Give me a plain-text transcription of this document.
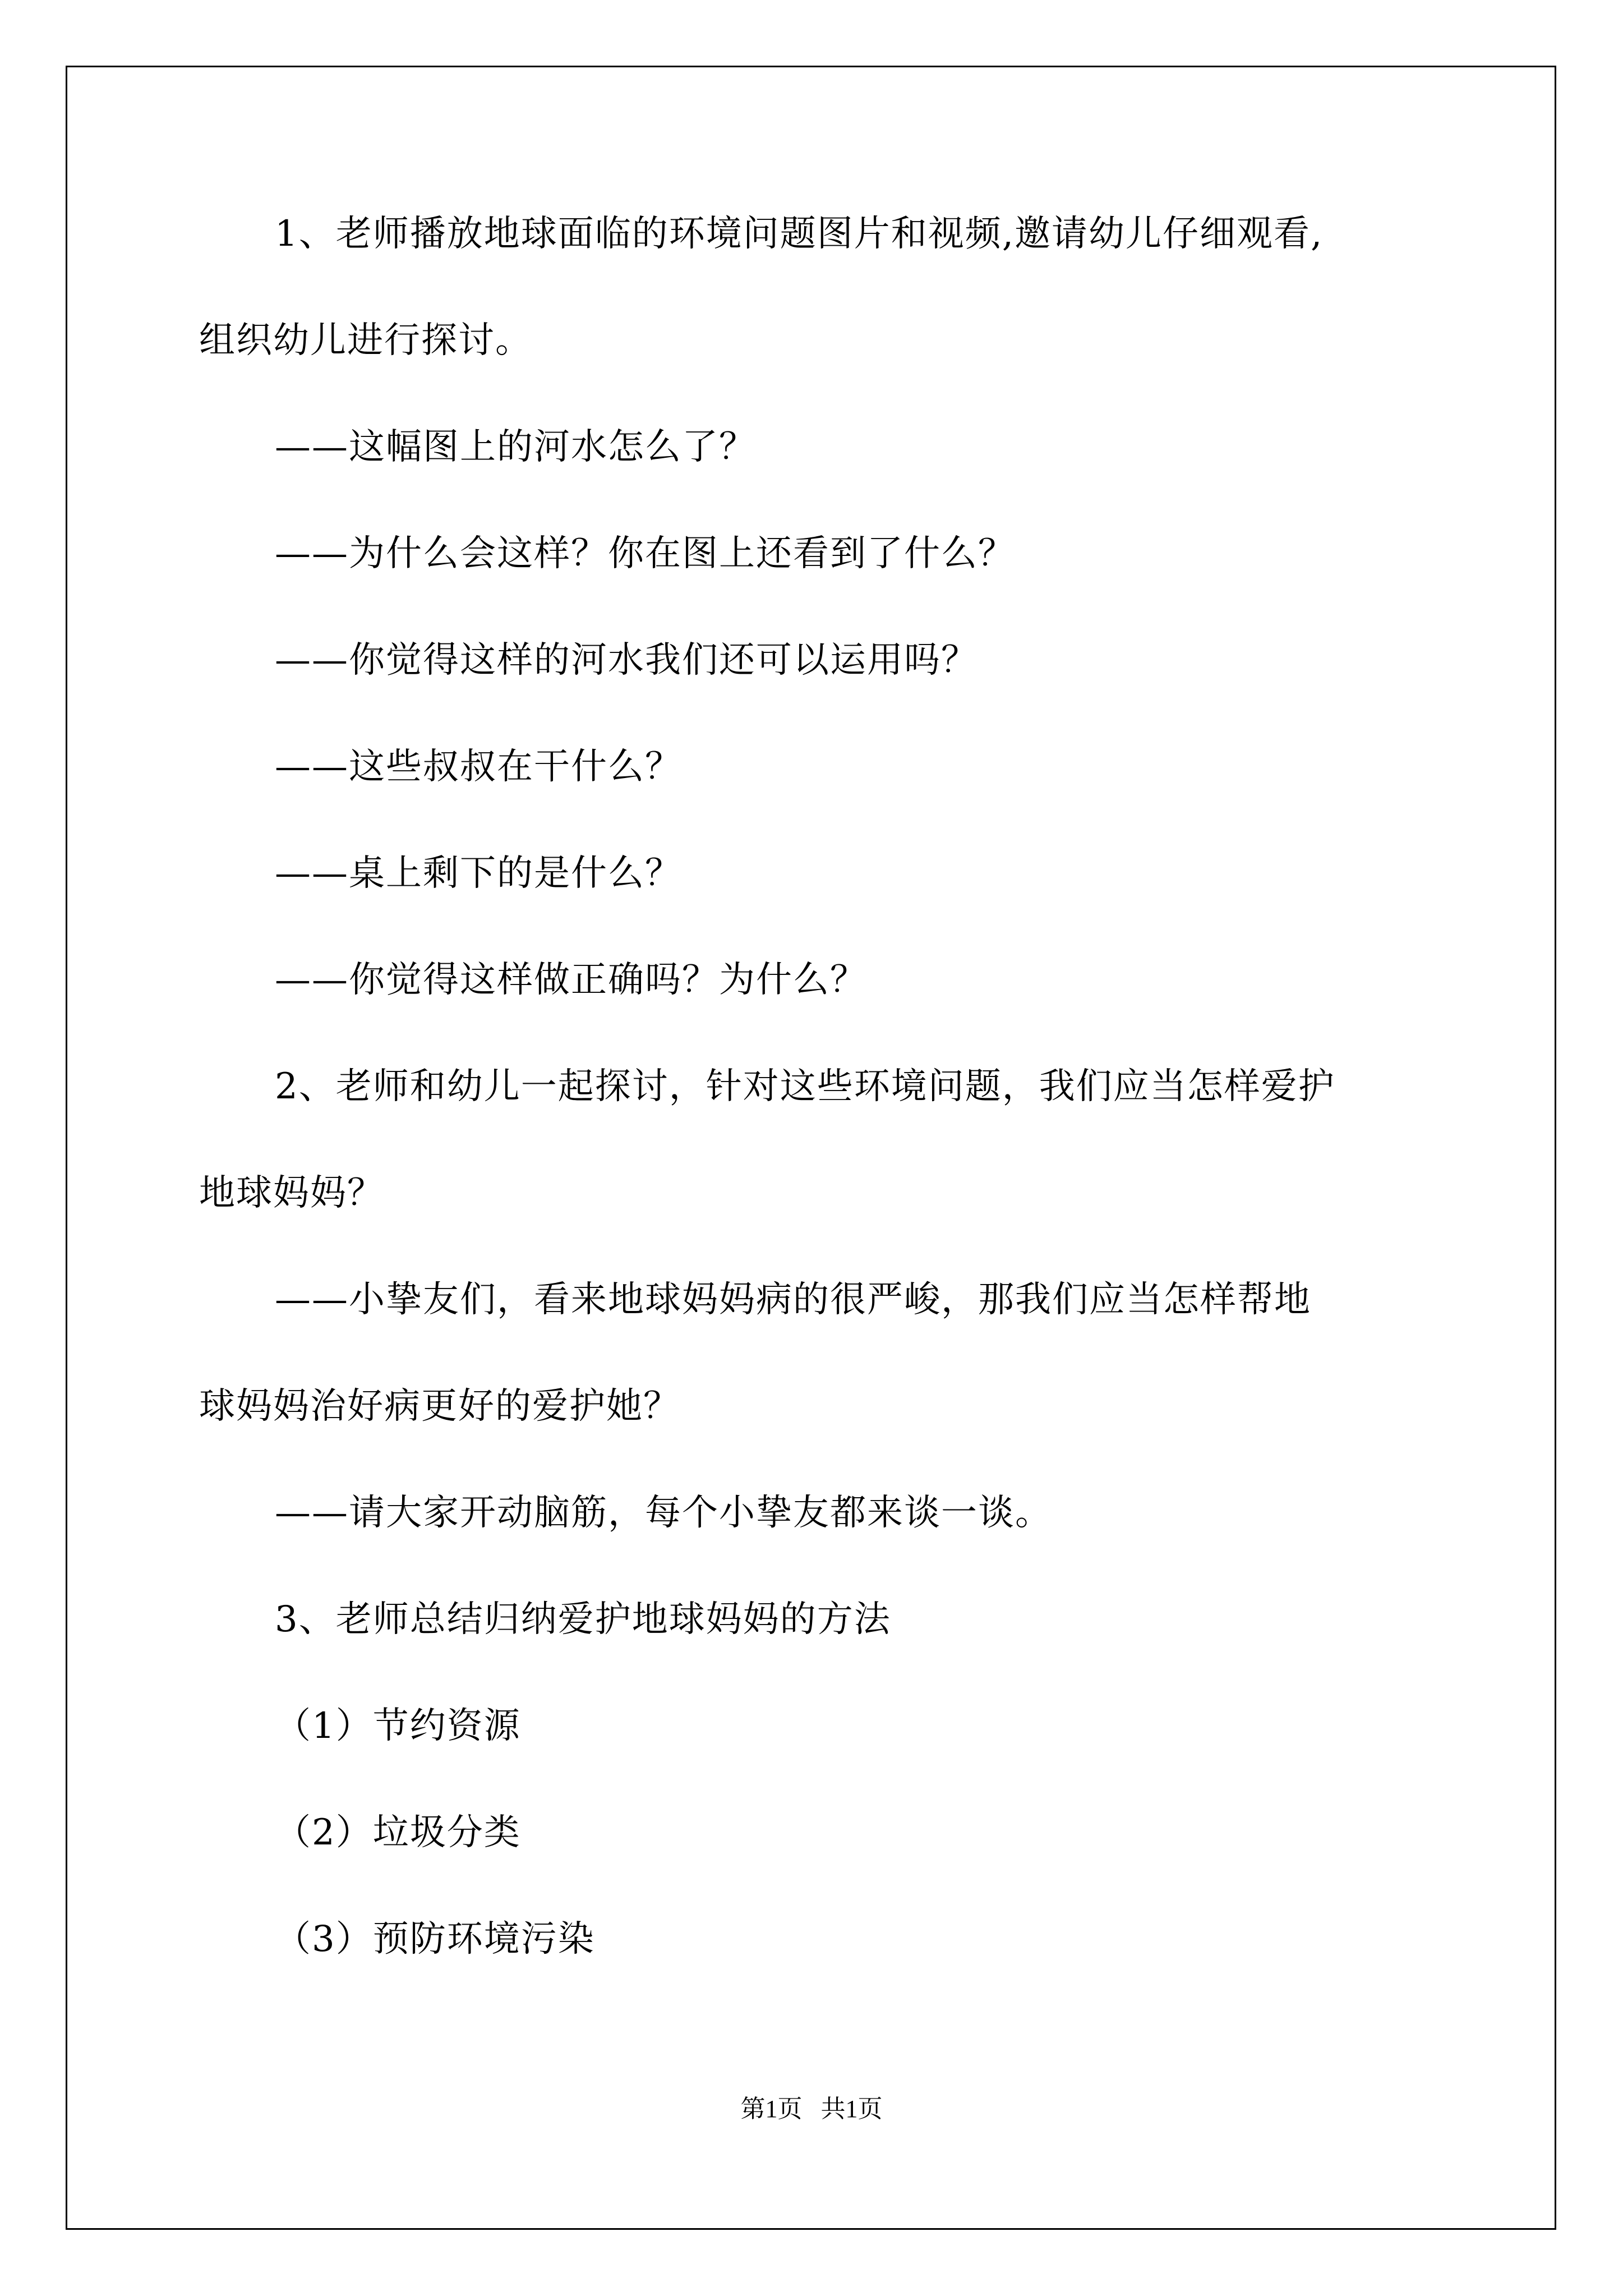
1、老师播放地球面临的环境问题图片和视频,邀请幼儿仔细观看,
组织幼儿进行探讨。
——这幅图上的河水怎么了？
——为什么会这样？你在图上还看到了什么？
——你觉得这样的河水我们还可以运用吗？
——这些叔叔在干什么？
——桌上剩下的是什么？
——你觉得这样做正确吗？为什么？
2、老师和幼儿一起探讨，针对这些环境问题，我们应当怎样爱护
地球妈妈？
——小挚友们，看来地球妈妈病的很严峻，那我们应当怎样帮地
球妈妈治好病更好的爱护她？
——请大家开动脑筋，每个小挚友都来谈一谈。
3、老师总结归纳爱护地球妈妈的方法
（1）节约资源
（2）垃圾分类
（3）预防环境污染
第1页   共1页
